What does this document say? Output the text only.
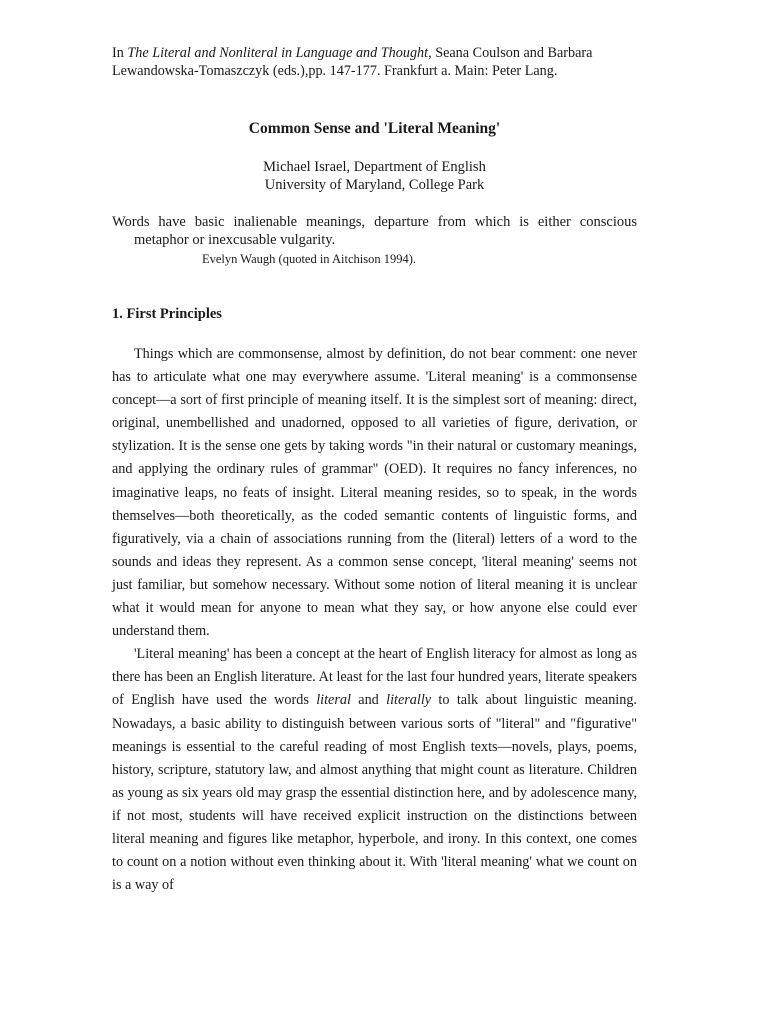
In The Literal and Nonliteral in Language and Thought, Seana Coulson and Barbara Lewandowska-Tomaszczyk (eds.),pp. 147-177. Frankfurt a. Main: Peter Lang.

Common Sense and 'Literal Meaning'
Michael Israel, Department of English
University of Maryland, College Park

Words have basic inalienable meanings, departure from which is either conscious metaphor or inexcusable vulgarity.

Evelyn Waugh (quoted in Aitchison 1994).

1. First Principles

Things which are commonsense, almost by definition, do not bear comment: one never has to articulate what one may everywhere assume. 'Literal meaning' is a commonsense concept—a sort of first principle of meaning itself. It is the simplest sort of meaning: direct, original, unembellished and unadorned, opposed to all varieties of figure, derivation, or stylization. It is the sense one gets by taking words "in their natural or customary meanings, and applying the ordinary rules of grammar" (OED). It requires no fancy inferences, no imaginative leaps, no feats of insight. Literal meaning resides, so to speak, in the words themselves—both theoretically, as the coded semantic contents of linguistic forms, and figuratively, via a chain of associations running from the (literal) letters of a word to the sounds and ideas they represent. As a common sense concept, 'literal meaning' seems not just familiar, but somehow necessary. Without some notion of literal meaning it is unclear what it would mean for anyone to mean what they say, or how anyone else could ever understand them.

'Literal meaning' has been a concept at the heart of English literacy for almost as long as there has been an English literature. At least for the last four hundred years, literate speakers of English have used the words literal and literally to talk about linguistic meaning. Nowadays, a basic ability to distinguish between various sorts of "literal" and "figurative" meanings is essential to the careful reading of most English texts—novels, plays, poems, history, scripture, statutory law, and almost anything that might count as literature. Children as young as six years old may grasp the essential distinction here, and by adolescence many, if not most, students will have received explicit instruction on the distinctions between literal meaning and figures like metaphor, hyperbole, and irony. In this context, one comes to count on a notion without even thinking about it. With 'literal meaning' what we count on is a way of
